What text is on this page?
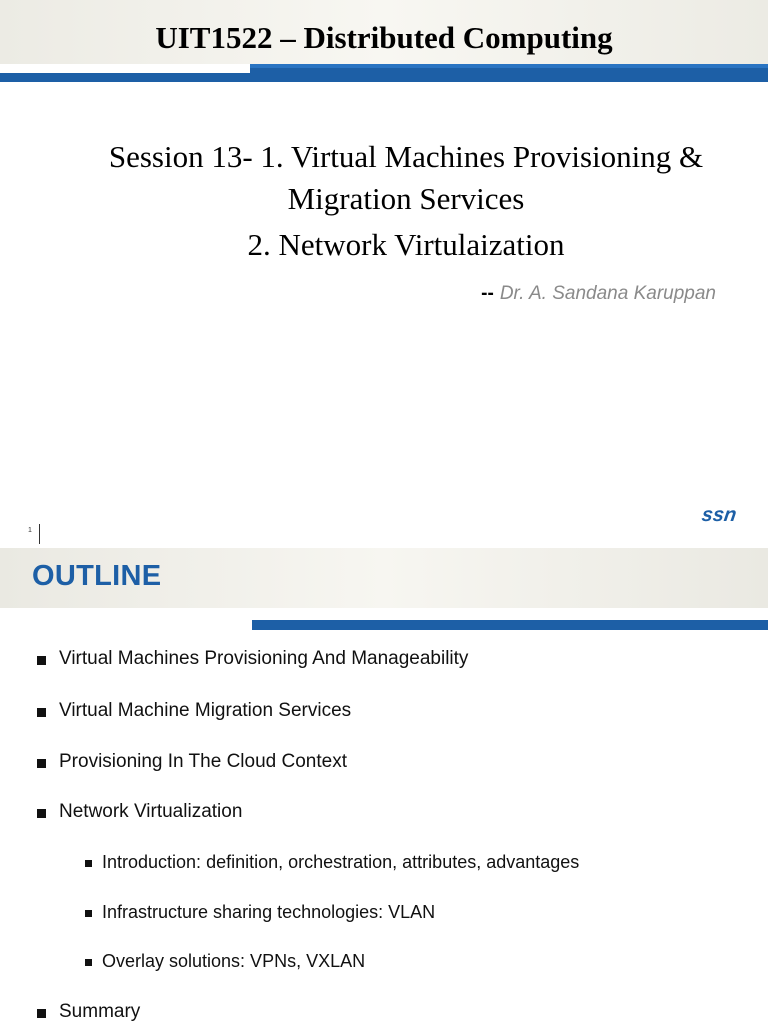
UIT1522 – Distributed Computing
Session 13- 1. Virtual Machines Provisioning &
Migration Services
2. Network Virtulaization
-- Dr. A. Sandana Karuppan
1
ssn
OUTLINE
Virtual Machines Provisioning And Manageability
Virtual Machine Migration Services
Provisioning In The Cloud Context
Network Virtualization
Introduction: definition, orchestration, attributes, advantages
Infrastructure sharing technologies: VLAN
Overlay solutions: VPNs, VXLAN
Summary
